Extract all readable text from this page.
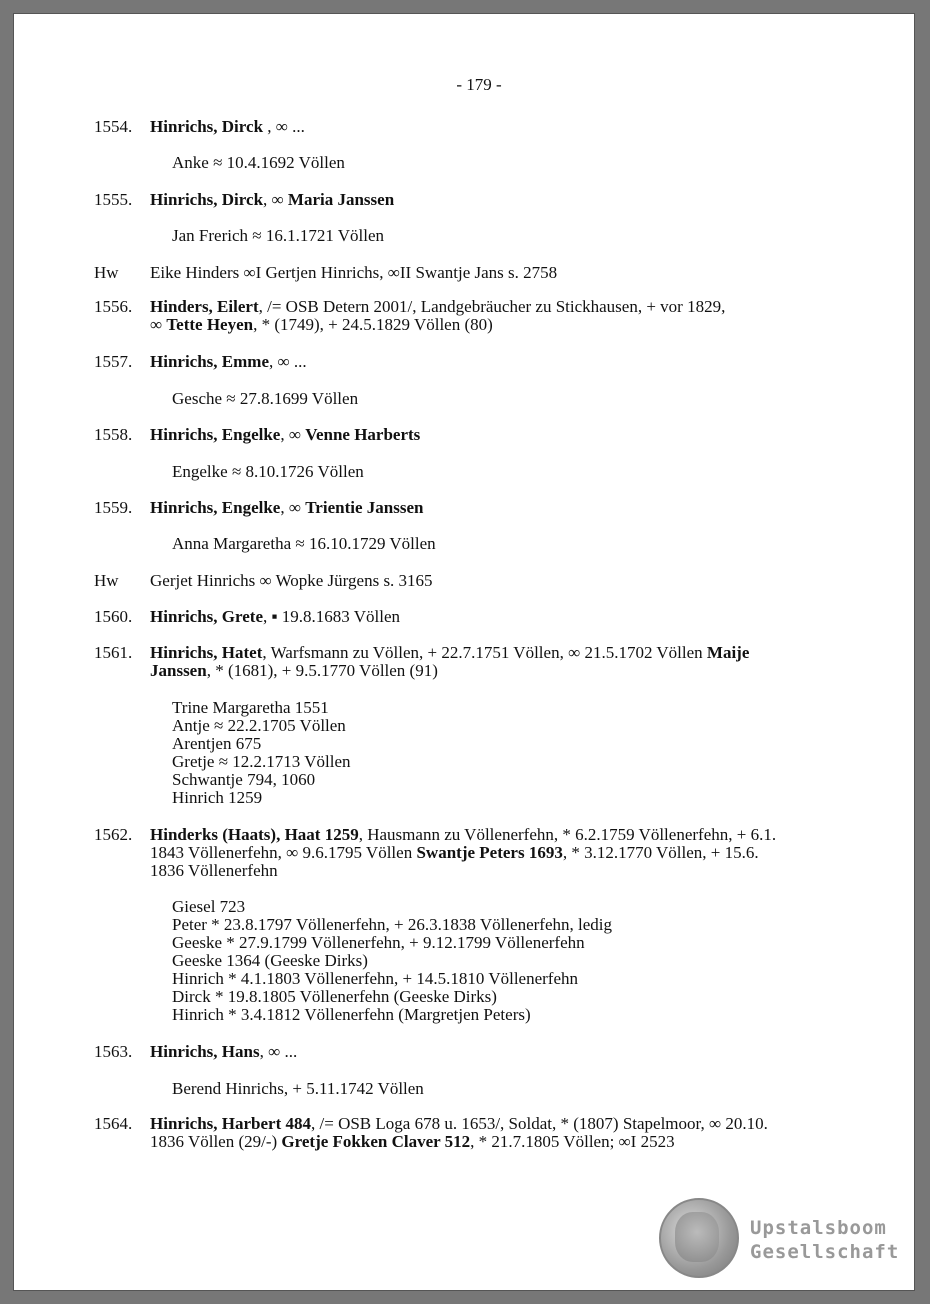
- 179 -
1554.	Hinrichs, Dirck , ∞ ...
Anke ≈ 10.4.1692 Völlen
1555.	Hinrichs, Dirck, ∞ Maria Janssen
Jan Frerich ≈ 16.1.1721 Völlen
Hw	Eike Hinders ∞I Gertjen Hinrichs, ∞II Swantje Jans s. 2758
1556.	Hinders, Eilert, /= OSB Detern 2001/, Landgebräucher zu Stickhausen, + vor 1829,
∞ Tette Heyen, * (1749), + 24.5.1829 Völlen (80)
1557.	Hinrichs, Emme, ∞ ...
Gesche ≈ 27.8.1699 Völlen
1558.	Hinrichs, Engelke, ∞ Venne Harberts
Engelke ≈ 8.10.1726 Völlen
1559.	Hinrichs, Engelke, ∞ Trientie Janssen
Anna Margaretha ≈ 16.10.1729 Völlen
Hw	Gerjet Hinrichs ∞ Wopke Jürgens s. 3165
1560.	Hinrichs, Grete, ▪ 19.8.1683 Völlen
1561.	Hinrichs, Hatet, Warfsmann zu Völlen, + 22.7.1751 Völlen, ∞ 21.5.1702 Völlen Maije
Janssen, * (1681), + 9.5.1770 Völlen (91)
Trine Margaretha 1551
Antje ≈ 22.2.1705 Völlen
Arentjen 675
Gretje ≈ 12.2.1713 Völlen
Schwantje 794, 1060
Hinrich 1259
1562.	Hinderks (Haats), Haat 1259, Hausmann zu Völlenerfehn, * 6.2.1759 Völlenerfehn, + 6.1.
1843 Völlenerfehn, ∞ 9.6.1795 Völlen Swantje Peters 1693, * 3.12.1770 Völlen, + 15.6.
1836 Völlenerfehn
Giesel 723
Peter * 23.8.1797 Völlenerfehn, + 26.3.1838 Völlenerfehn, ledig
Geeske * 27.9.1799 Völlenerfehn, + 9.12.1799 Völlenerfehn
Geeske 1364 (Geeske Dirks)
Hinrich * 4.1.1803 Völlenerfehn, + 14.5.1810 Völlenerfehn
Dirck * 19.8.1805 Völlenerfehn (Geeske Dirks)
Hinrich * 3.4.1812 Völlenerfehn (Margretjen Peters)
1563.	Hinrichs, Hans, ∞ ...
Berend Hinrichs, + 5.11.1742 Völlen
1564.	Hinrichs, Harbert 484, /= OSB Loga 678 u. 1653/, Soldat, * (1807) Stapelmoor, ∞ 20.10.
1836 Völlen (29/-) Gretje Fokken Claver 512, * 21.7.1805 Völlen; ∞I 2523
Upstalsboom
Gesellschaft
